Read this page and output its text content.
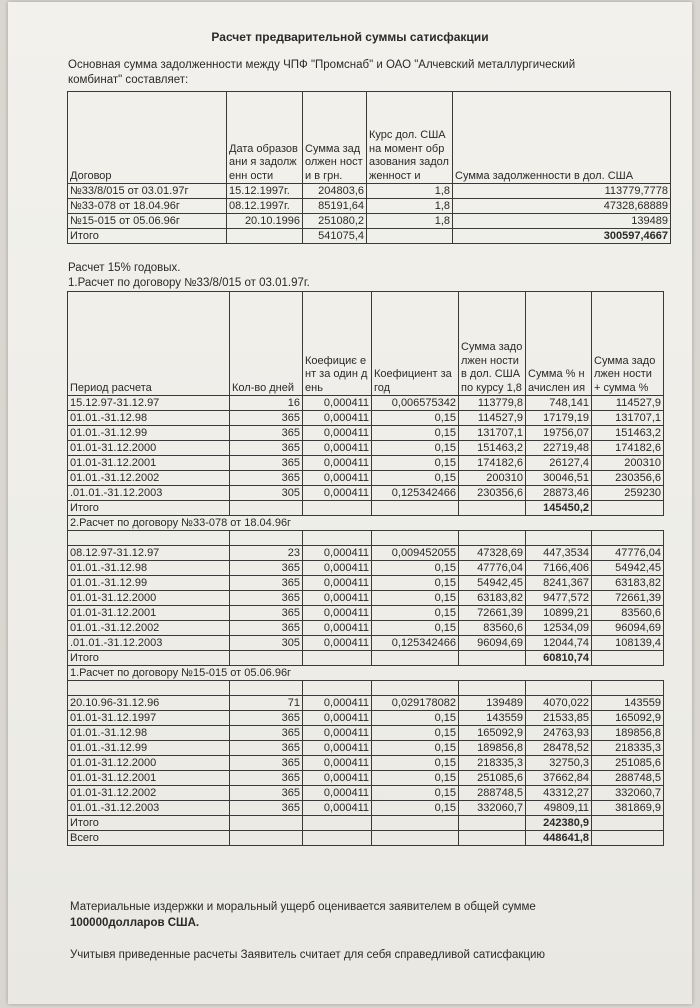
Расчет предварительной суммы сатисфакции
Основная сумма задолженности между ЧПФ "Промснаб" и ОАО "Алчевский металлургический комбинат" составляет:
Договор	Дата образовани я задолженн ости	Сумма задолжен ности в грн.	Курс дол. США на момент образования задолженност и	Сумма задолженности в дол. США
№33/8/015 от 03.01.97г	15.12.1997г.	204803,6	1,8	113779,7778
№33-078 от 18.04.96г	08.12.1997г.	85191,64	1,8	47328,68889
№15-015 от 05.06.96г	20.10.1996	251080,2	1,8	139489
Итого		541075,4		300597,4667
Расчет 15% годовых.
1.Расчет по договору №33/8/015 от 03.01.97г.
Период расчета	Кол-во дней	Коефициє ент за один день	Коефициент за год	Сумма задолжен ности в дол. США по курсу 1,8	Сумма % начислен ия	Сумма задолжен ности + сумма %
15.12.97-31.12.97	16	0,000411	0,006575342	113779,8	748,141	114527,9
01.01.-31.12.98	365	0,000411	0,15	114527,9	17179,19	131707,1
01.01.-31.12.99	365	0,000411	0,15	131707,1	19756,07	151463,2
01.01-31.12.2000	365	0,000411	0,15	151463,2	22719,48	174182,6
01.01-31.12.2001	365	0,000411	0,15	174182,6	26127,4	200310
01.01.-31.12.2002	365	0,000411	0,15	200310	30046,51	230356,6
.01.01.-31.12.2003	305	0,000411	0,125342466	230356,6	28873,46	259230
Итого					145450,2	
2.Расчет по договору №33-078 от 18.04.96г						

08.12.97-31.12.97	23	0,000411	0,009452055	47328,69	447,3534	47776,04
01.01.-31.12.98	365	0,000411	0,15	47776,04	7166,406	54942,45
01.01.-31.12.99	365	0,000411	0,15	54942,45	8241,367	63183,82
01.01-31.12.2000	365	0,000411	0,15	63183,82	9477,572	72661,39
01.01-31.12.2001	365	0,000411	0,15	72661,39	10899,21	83560,6
01.01.-31.12.2002	365	0,000411	0,15	83560,6	12534,09	96094,69
.01.01.-31.12.2003	305	0,000411	0,125342466	96094,69	12044,74	108139,4
Итого					60810,74	
1.Расчет по договору №15-015 от 05.06.96г						

20.10.96-31.12.96	71	0,000411	0,029178082	139489	4070,022	143559
01.01-31.12.1997	365	0,000411	0,15	143559	21533,85	165092,9
01.01.-31.12.98	365	0,000411	0,15	165092,9	24763,93	189856,8
01.01.-31.12.99	365	0,000411	0,15	189856,8	28478,52	218335,3
01.01-31.12.2000	365	0,000411	0,15	218335,3	32750,3	251085,6
01.01-31.12.2001	365	0,000411	0,15	251085,6	37662,84	288748,5
01.01-31.12.2002	365	0,000411	0,15	288748,5	43312,27	332060,7
01.01.-31.12.2003	365	0,000411	0,15	332060,7	49809,11	381869,9
Итого					242380,9	
Всего					448641,8	
Материальные издержки и моральный ущерб оценивается заявителем в общей сумме 100000долларов США.
Учитывя приведенные расчеты Заявитель считает для себя справедливой сатисфакцию
